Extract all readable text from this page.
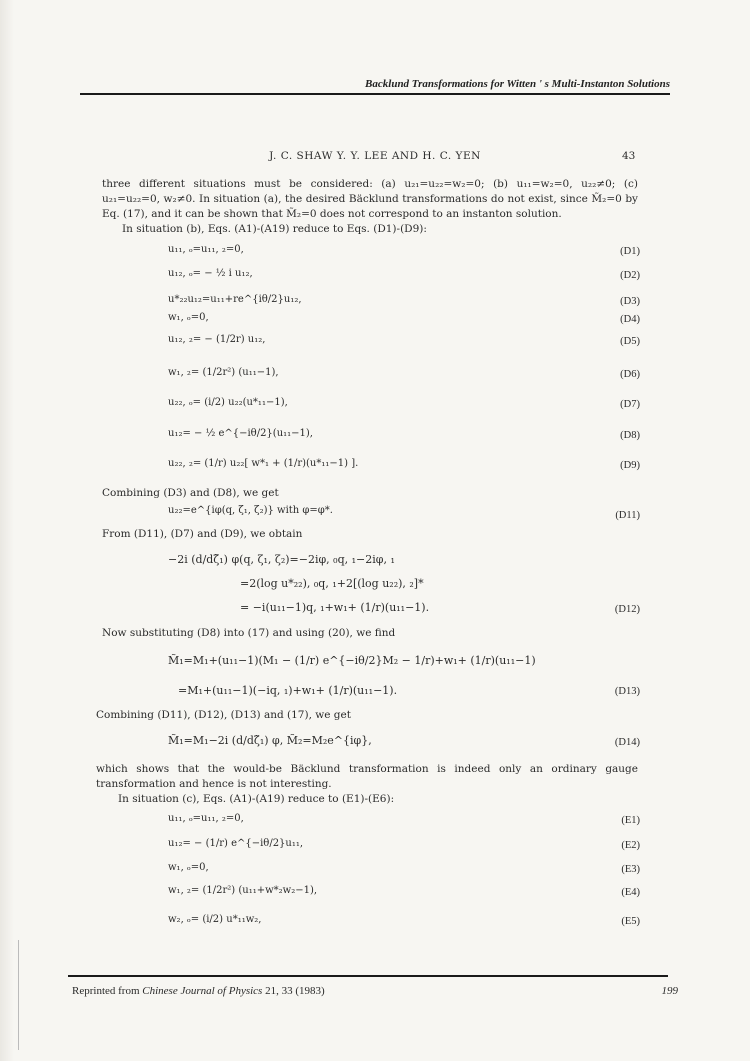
Backlund Transformations for Witten ' s Multi-Instanton Solutions
J. C. SHAW Y. Y. LEE AND H. C. YEN	43
three different situations must be considered: (a) u₂₁=u₂₂=w₂=0; (b) u₁₁=w₂=0, u₂₂≠0; (c) u₂₁=u₂₂=0, w₂≠0. In situation (a), the desired Bäcklund transformations do not exist, since M̃₂=0 by Eq. (17), and it can be shown that M̃₂=0 does not correspond to an instanton solution.
In situation (b), Eqs. (A1)-(A19) reduce to Eqs. (D1)-(D9):
u₁₁, ₒ=u₁₁, ₂=0,	(D1)
u₁₂, ₒ= − ½ i u₁₂,	(D2)
u*₂₂u₁₂=u₁₁+re^{iθ/2}u₁₂,	(D3)
w₁, ₒ=0,	(D4)
u₁₂, ₂= − (1/2r) u₁₂,	(D5)
w₁, ₂= (1/2r²) (u₁₁−1),	(D6)
u₂₂, ₒ= (i/2) u₂₂(u*₁₁−1),	(D7)
u₁₂= − ½ e^{−iθ/2}(u₁₁−1),	(D8)
u₂₂, ₂= (1/r) u₂₂[ w*₁ + (1/r)(u*₁₁−1) ].	(D9)
Combining (D3) and (D8), we get
u₂₂=e^{iφ(q, ζ₁, ζ₂)} with φ=φ*.	(D11)
From (D11), (D7) and (D9), we obtain
−2i (d/dζ̃₁) φ(q, ζ₁, ζ₂)=−2iφ, ₀q, ₁−2iφ, ₁
=2(log u*₂₂), ₀q, ₁+2[(log u₂₂), ₂]*
= −i(u₁₁−1)q, ₁+w₁+ (1/r)(u₁₁−1).	(D12)
Now substituting (D8) into (17) and using (20), we find
M̃₁=M₁+(u₁₁−1)(M₁ − (1/r) e^{−iθ/2}M₂ − 1/r)+w₁+ (1/r)(u₁₁−1)
=M₁+(u₁₁−1)(−iq, ₁)+w₁+ (1/r)(u₁₁−1).	(D13)
Combining (D11), (D12), (D13) and (17), we get
M̃₁=M₁−2i (d/dζ̃₁) φ, M̃₂=M₂e^{iφ},	(D14)
which shows that the would-be Bäcklund transformation is indeed only an ordinary gauge transformation and hence is not interesting.
In situation (c), Eqs. (A1)-(A19) reduce to (E1)-(E6):
u₁₁, ₒ=u₁₁, ₂=0,	(E1)
u₁₂= − (1/r) e^{−iθ/2}u₁₁,	(E2)
w₁, ₒ=0,	(E3)
w₁, ₂= (1/2r²) (u₁₁+w*₂w₂−1),	(E4)
w₂, ₒ= (i/2) u*₁₁w₂,	(E5)
Reprinted from Chinese Journal of Physics 21, 33 (1983)	199
